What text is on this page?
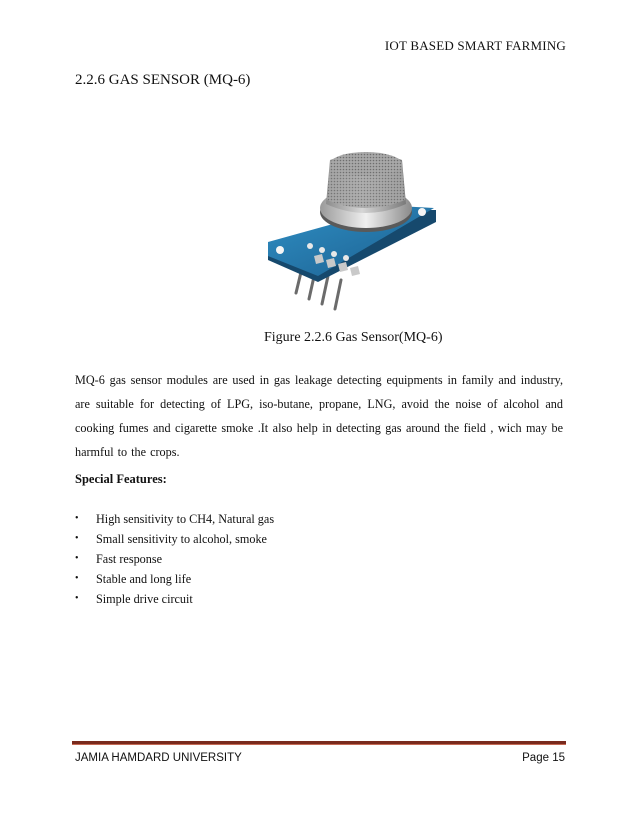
IOT BASED SMART FARMING
2.2.6 GAS SENSOR (MQ-6)
Figure 2.2.6 Gas Sensor(MQ-6)
MQ-6 gas sensor modules are used in gas leakage detecting equipments in family and industry, are suitable for detecting of LPG, iso-butane, propane, LNG, avoid the noise of alcohol and cooking fumes and cigarette smoke .It also help in detecting gas around the field , wich may be harmful to the crops.
Special Features:
•	High sensitivity to CH4, Natural gas
•	Small sensitivity to alcohol, smoke
•	Fast response
•	Stable and long life
•	Simple drive circuit
JAMIA HAMDARD UNIVERSITY	Page 15
